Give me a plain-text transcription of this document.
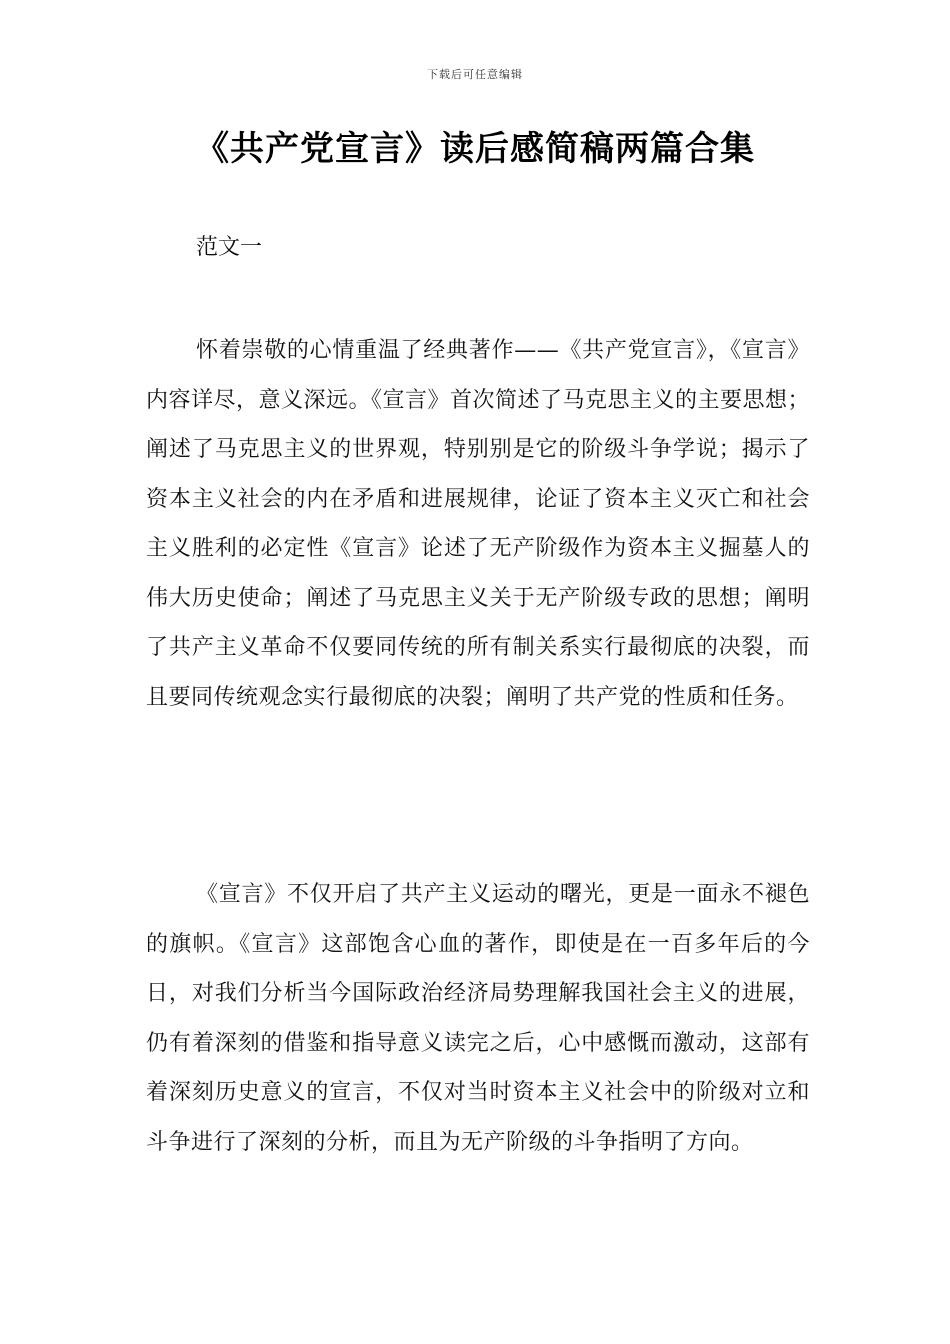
下载后可任意编辑
《共产党宣言》读后感简稿两篇合集
范文一

怀着崇敬的心情重温了经典著作——《共产党宣言》，《宣言》内容详尽，意义深远。《宣言》首次简述了马克思主义的主要思想；阐述了马克思主义的世界观，特别别是它的阶级斗争学说；揭示了资本主义社会的内在矛盾和进展规律，论证了资本主义灭亡和社会主义胜利的必定性《宣言》论述了无产阶级作为资本主义掘墓人的伟大历史使命；阐述了马克思主义关于无产阶级专政的思想；阐明了共产主义革命不仅要同传统的所有制关系实行最彻底的决裂，而且要同传统观念实行最彻底的决裂；阐明了共产党的性质和任务。

《宣言》不仅开启了共产主义运动的曙光，更是一面永不褪色的旗帜。《宣言》这部饱含心血的著作，即使是在一百多年后的今日，对我们分析当今国际政治经济局势理解我国社会主义的进展，仍有着深刻的借鉴和指导意义读完之后，心中感慨而激动，这部有着深刻历史意义的宣言，不仅对当时资本主义社会中的阶级对立和斗争进行了深刻的分析，而且为无产阶级的斗争指明了方向。
